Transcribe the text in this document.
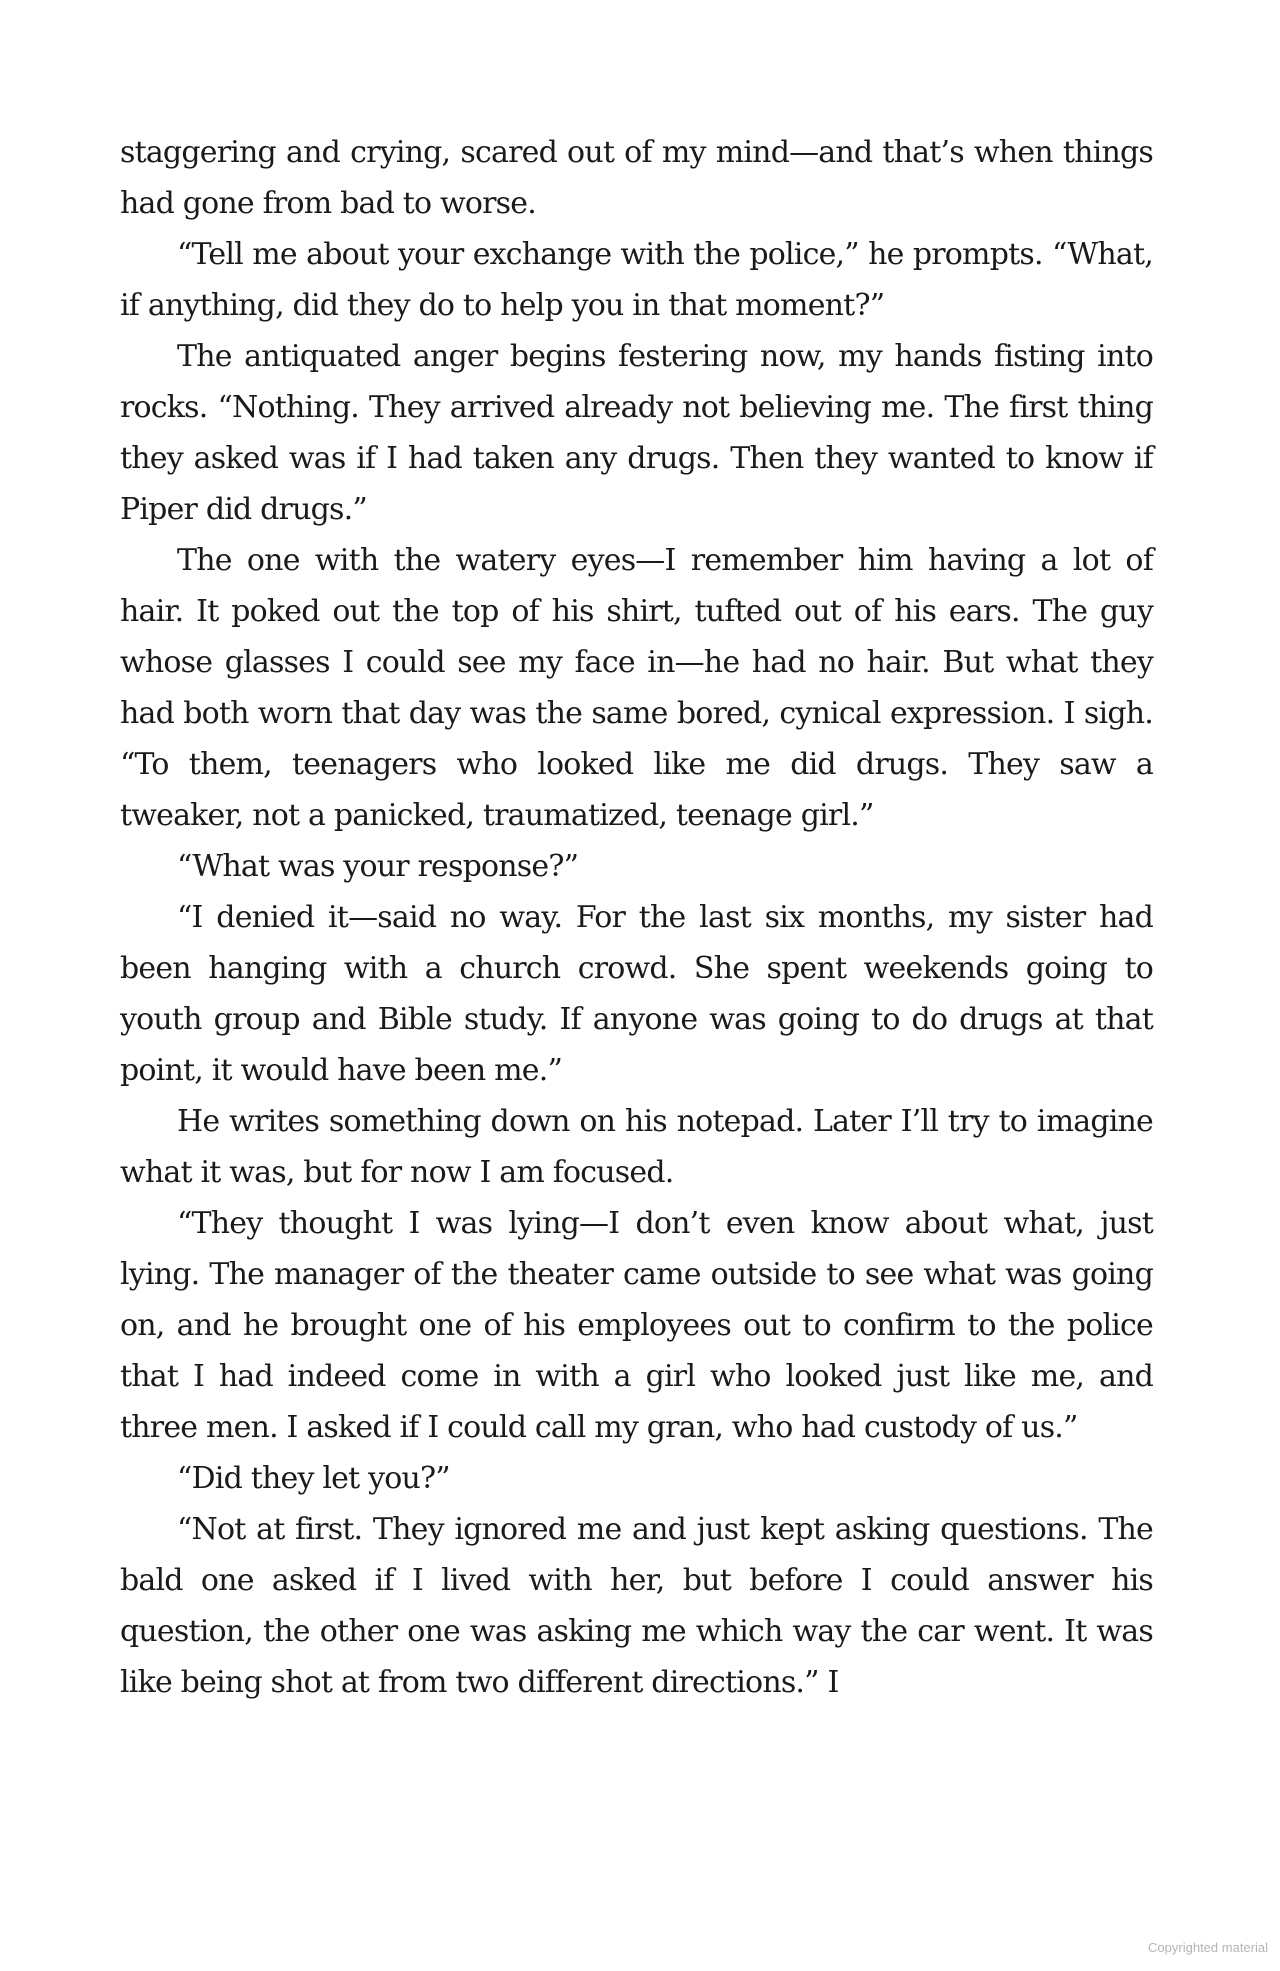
staggering and crying, scared out of my mind—and that’s when things had gone from bad to worse.

“Tell me about your exchange with the police,” he prompts. “What, if anything, did they do to help you in that moment?”

The antiquated anger begins festering now, my hands fisting into rocks. “Nothing. They arrived already not believing me. The first thing they asked was if I had taken any drugs. Then they wanted to know if Piper did drugs.”

The one with the watery eyes—I remember him having a lot of hair. It poked out the top of his shirt, tufted out of his ears. The guy whose glasses I could see my face in—he had no hair. But what they had both worn that day was the same bored, cynical expression. I sigh. “To them, teenagers who looked like me did drugs. They saw a tweaker, not a panicked, traumatized, teenage girl.”

“What was your response?”

“I denied it—said no way. For the last six months, my sister had been hanging with a church crowd. She spent weekends going to youth group and Bible study. If anyone was going to do drugs at that point, it would have been me.”

He writes something down on his notepad. Later I’ll try to imagine what it was, but for now I am focused.

“They thought I was lying—I don’t even know about what, just lying. The manager of the theater came outside to see what was going on, and he brought one of his employees out to confirm to the police that I had indeed come in with a girl who looked just like me, and three men. I asked if I could call my gran, who had custody of us.”

“Did they let you?”

“Not at first. They ignored me and just kept asking questions. The bald one asked if I lived with her, but before I could answer his question, the other one was asking me which way the car went. It was like being shot at from two different directions.” I

Copyrighted material
